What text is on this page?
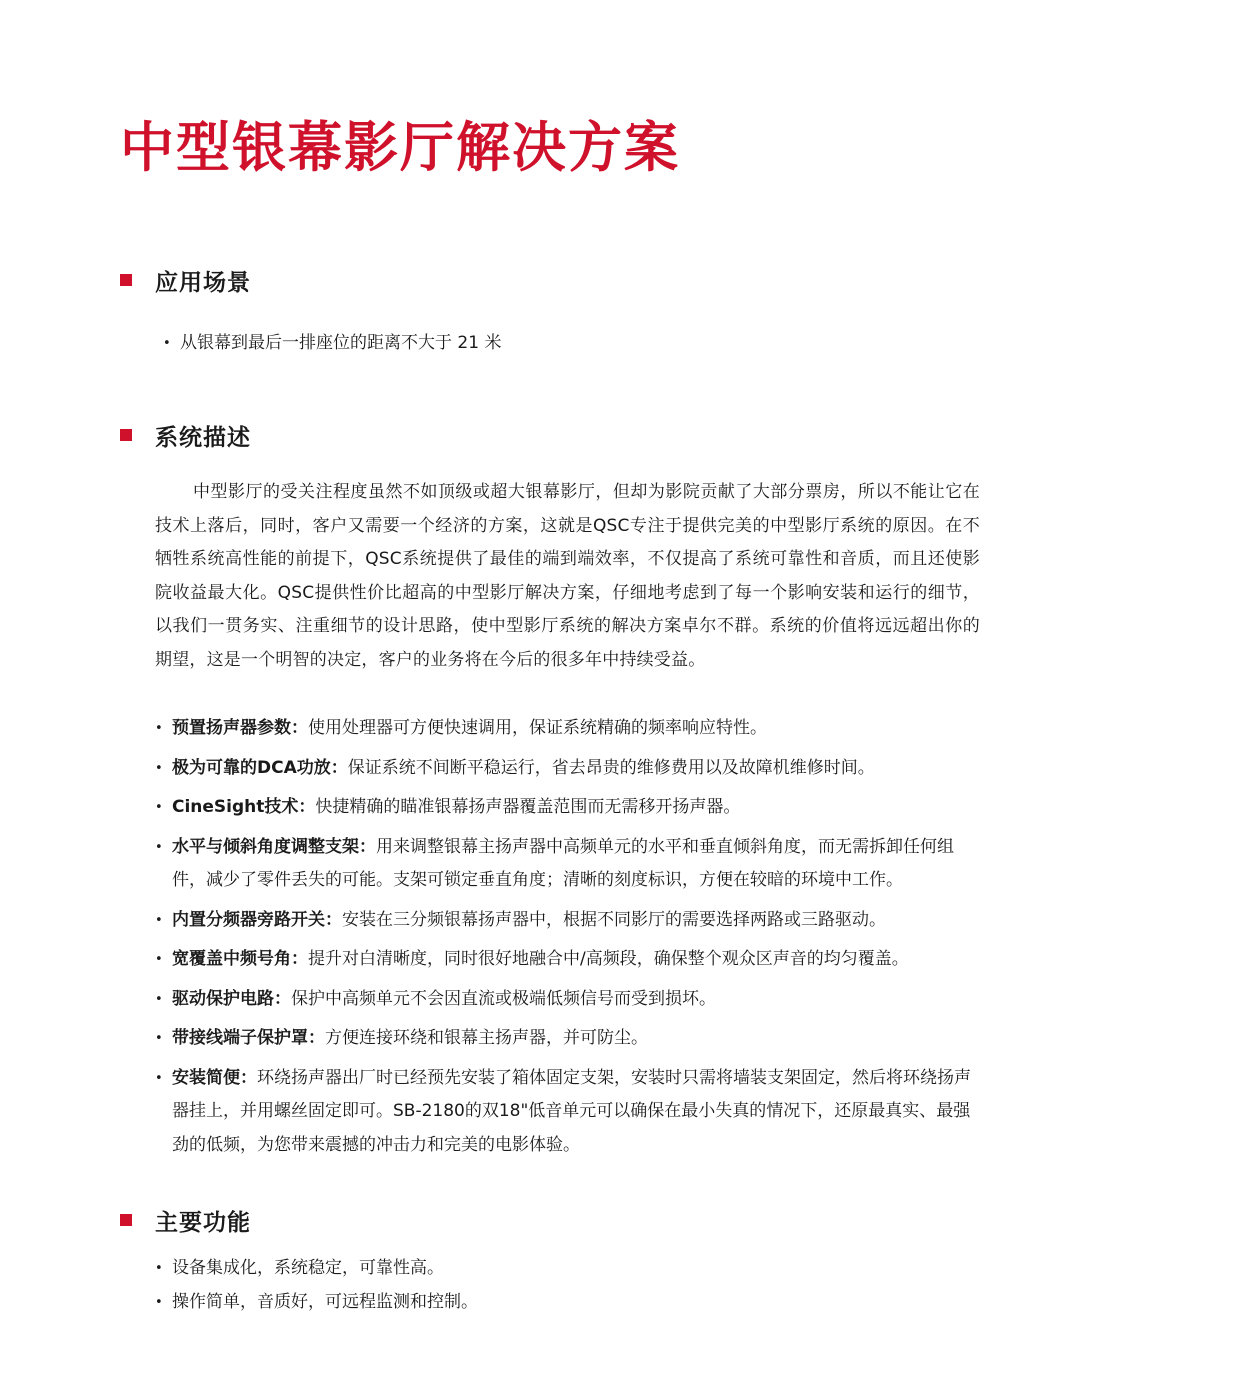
中型银幕影厅解决方案
应用场景
• 从银幕到最后一排座位的距离不大于 21 米
系统描述

中型影厅的受关注程度虽然不如顶级或超大银幕影厅，但却为影院贡献了大部分票房，所以不能让它在技术上落后，同时，客户又需要一个经济的方案，这就是QSC专注于提供完美的中型影厅系统的原因。在不牺牲系统高性能的前提下，QSC系统提供了最佳的端到端效率，不仅提高了系统可靠性和音质，而且还使影院收益最大化。QSC提供性价比超高的中型影厅解决方案，仔细地考虑到了每一个影响安装和运行的细节，以我们一贯务实、注重细节的设计思路，使中型影厅系统的解决方案卓尔不群。系统的价值将远远超出你的期望，这是一个明智的决定，客户的业务将在今后的很多年中持续受益。

• 预置扬声器参数：使用处理器可方便快速调用，保证系统精确的频率响应特性。
• 极为可靠的DCA功放：保证系统不间断平稳运行，省去昂贵的维修费用以及故障机维修时间。
• CineSight技术：快捷精确的瞄准银幕扬声器覆盖范围而无需移开扬声器。
• 水平与倾斜角度调整支架：用来调整银幕主扬声器中高频单元的水平和垂直倾斜角度，而无需拆卸任何组件，减少了零件丢失的可能。支架可锁定垂直角度；清晰的刻度标识，方便在较暗的环境中工作。
• 内置分频器旁路开关：安装在三分频银幕扬声器中，根据不同影厅的需要选择两路或三路驱动。
• 宽覆盖中频号角：提升对白清晰度，同时很好地融合中/高频段，确保整个观众区声音的均匀覆盖。
• 驱动保护电路：保护中高频单元不会因直流或极端低频信号而受到损坏。
• 带接线端子保护罩：方便连接环绕和银幕主扬声器，并可防尘。
• 安装简便：环绕扬声器出厂时已经预先安装了箱体固定支架，安装时只需将墙装支架固定，然后将环绕扬声器挂上，并用螺丝固定即可。SB-2180的双18"低音单元可以确保在最小失真的情况下，还原最真实、最强劲的低频，为您带来震撼的冲击力和完美的电影体验。
主要功能
• 设备集成化，系统稳定，可靠性高。
• 操作简单，音质好，可远程监测和控制。
